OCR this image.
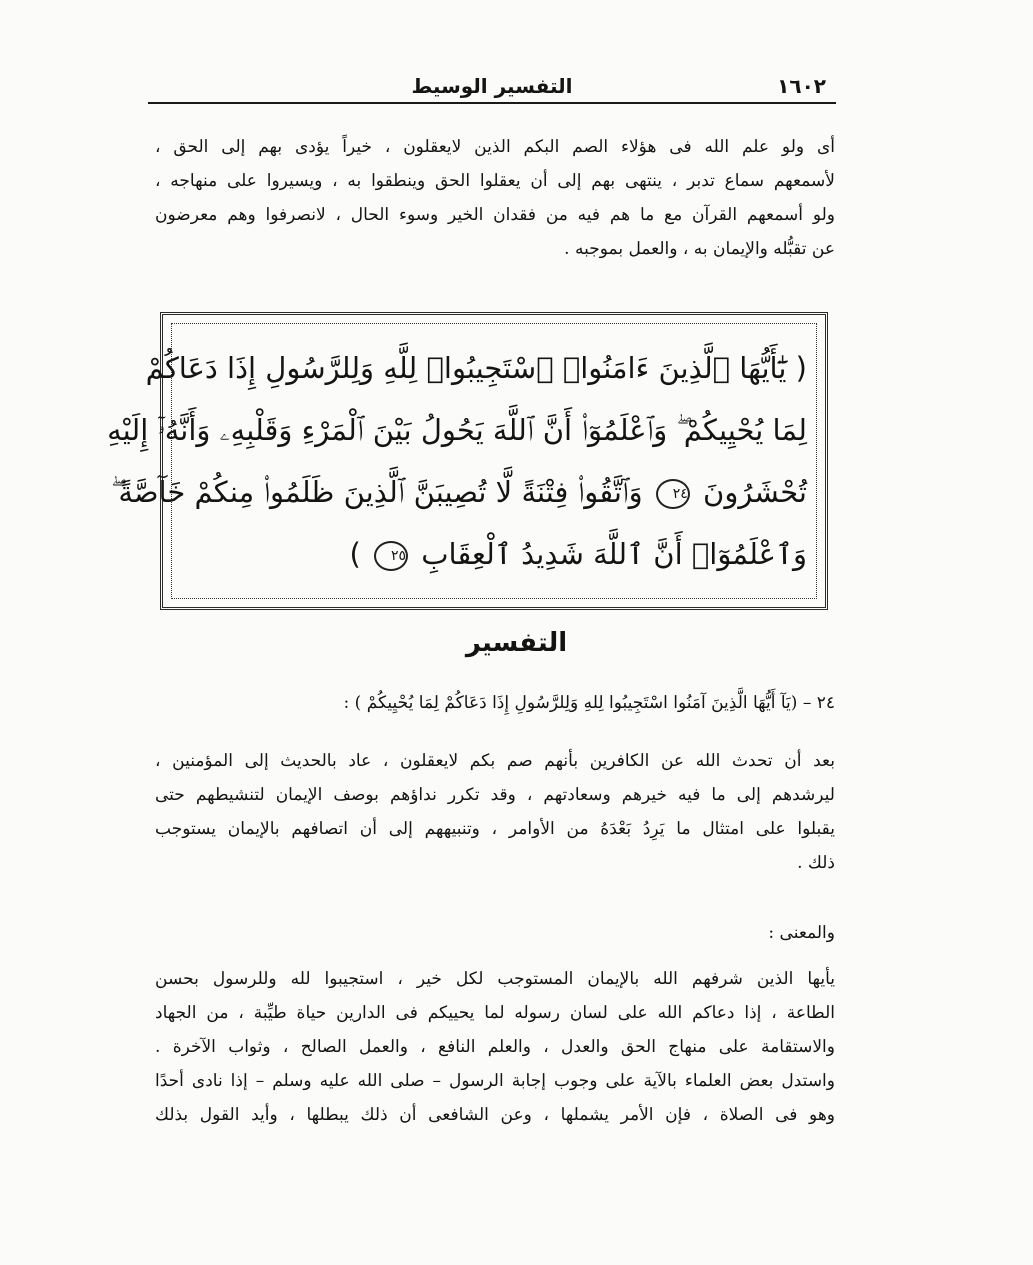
١٦٠٢
التفسير الوسيط
أى ولو علم الله فى هؤلاء الصم البكم الذين لايعقلون ، خيراً يؤدى بهم إلى الحق ،
لأسمعهم سماع تدبر ، ينتهى بهم إلى أن يعقلوا الحق وينطقوا به ، ويسيروا على منهاجه ،
ولو أسمعهم القرآن مع ما هم فيه من فقدان الخير وسوء الحال ، لانصرفوا وهم معرضون
عن تقبُّله والإيمان به ، والعمل بموجبه .
( يَٰٓأَيُّهَا ٱلَّذِينَ ءَامَنُوا۟ ٱسْتَجِيبُوا۟ لِلَّهِ وَلِلرَّسُولِ إِذَا دَعَاكُمْ
لِمَا يُحْيِيكُمْ ۖ وَٱعْلَمُوٓا۟ أَنَّ ٱللَّهَ يَحُولُ بَيْنَ ٱلْمَرْءِ وَقَلْبِهِۦ وَأَنَّهُۥٓ إِلَيْهِ
تُحْشَرُونَ ٢٤ وَٱتَّقُوا۟ فِتْنَةً لَّا تُصِيبَنَّ ٱلَّذِينَ ظَلَمُوا۟ مِنكُمْ خَآصَّةً ۖ
وَٱعْلَمُوٓا۟ أَنَّ ٱللَّهَ شَدِيدُ ٱلْعِقَابِ ٢٥ )
التفسير
٢٤ – (يَآ أَيُّهَا الَّذِينَ آمَنُوا اسْتَجِيبُوا لِلهِ وَلِلرَّسُولِ إِذَا دَعَاكُمْ لِمَا يُحْيِيكُمْ ) :
بعد أن تحدث الله عن الكافرين بأنهم صم بكم لايعقلون ، عاد بالحديث إلى المؤمنين ،
ليرشدهم إلى ما فيه خيرهم وسعادتهم ، وقد تكرر نداؤهم بوصف الإيمان لتنشيطهم حتى
يقبلوا على امتثال ما يَرِدُ بَعْدَهُ من الأوامر ، وتنبيههم إلى أن اتصافهم بالإيمان يستوجب
ذلك .
والمعنى :
يأيها الذين شرفهم الله بالإيمان المستوجب لكل خير ، استجيبوا لله وللرسول بحسن
الطاعة ، إذا دعاكم الله على لسان رسوله لما يحييكم فى الدارين حياة طيِّبة ، من الجهاد
والاستقامة على منهاج الحق والعدل ، والعلم النافع ، والعمل الصالح ، وثواب الآخرة .
واستدل بعض العلماء بالآية على وجوب إجابة الرسول – صلى الله عليه وسلم – إذا نادى أحدًا
وهو فى الصلاة ، فإن الأمر يشملها ، وعن الشافعى أن ذلك يبطلها ، وأيد القول بذلك
